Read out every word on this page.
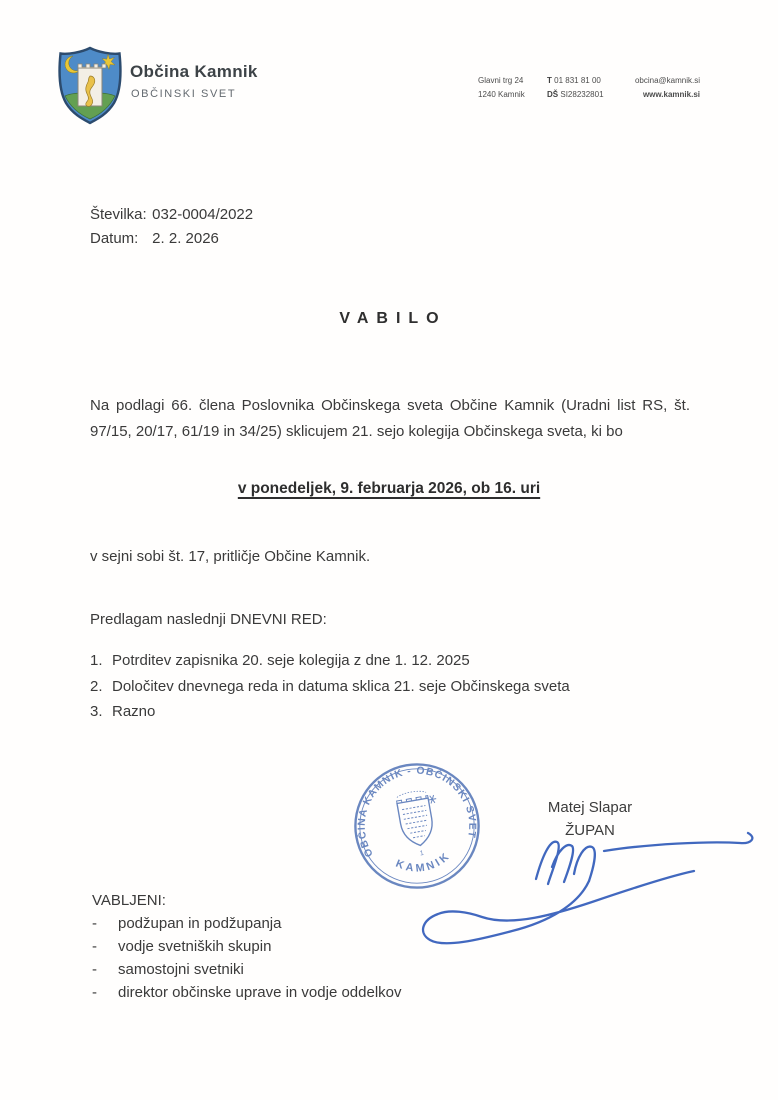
Občina Kamnik
OBČINSKI SVET
Glavni trg 24
1240 Kamnik
T 01 831 81 00
DŠ SI28232801
obcina@kamnik.si
www.kamnik.si
Številka: 032-0004/2022
Datum: 2. 2. 2026
VABILO
Na podlagi 66. člena Poslovnika Občinskega sveta Občine Kamnik (Uradni list RS, št.
97/15, 20/17, 61/19 in 34/25) sklicujem 21. sejo kolegija Občinskega sveta, ki bo
v ponedeljek, 9. februarja 2026, ob 16. uri
v sejni sobi št. 17, pritličje Občine Kamnik.
Predlagam naslednji DNEVNI RED:
1. Potrditev zapisnika 20. seje kolegija z dne 1. 12. 2025
2. Določitev dnevnega reda in datuma sklica 21. seje Občinskega sveta
3. Razno
OBČINA KAMNIK - OBČINSKI SVET
KAMNIK
1
Matej Slapar
ŽUPAN
VABLJENI:
- podžupan in podžupanja
- vodje svetniških skupin
- samostojni svetniki
- direktor občinske uprave in vodje oddelkov
